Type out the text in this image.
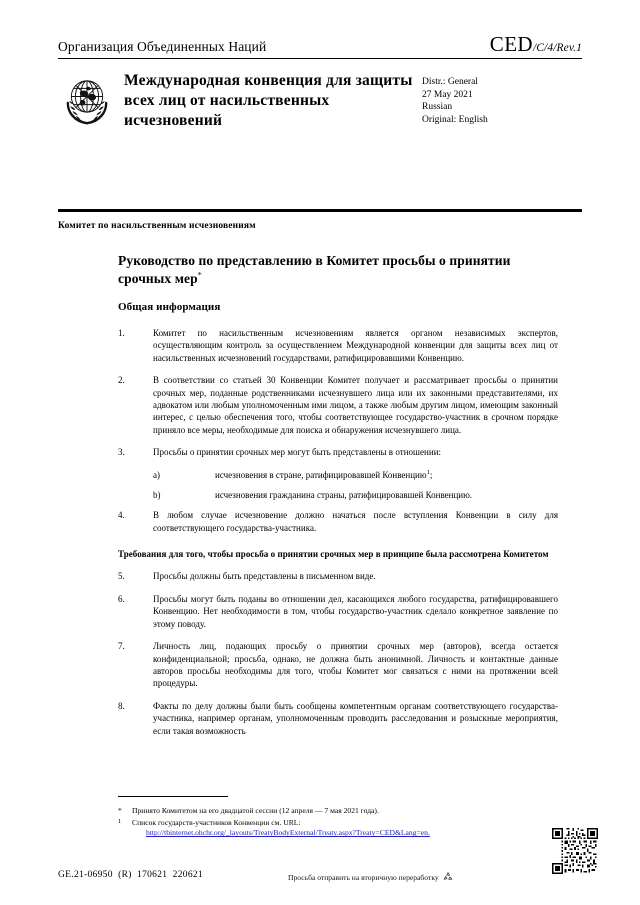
Организация Объединенных Наций	CED /C/4/Rev.1
Международная конвенция для защиты всех лиц от насильственных исчезновений
Distr.: General
27 May 2021
Russian
Original: English
Комитет по насильственным исчезновениям
Руководство по представлению в Комитет просьбы о принятии срочных мер*
Общая информация

1.	Комитет по насильственным исчезновениям является органом независимых экспертов, осуществляющим контроль за осуществлением Международной конвенции для защиты всех лиц от насильственных исчезновений государствами, ратифицировавшими Конвенцию.

2.	В соответствии со статьей 30 Конвенции Комитет получает и рассматривает просьбы о принятии срочных мер, поданные родственниками исчезнувшего лица или их законными представителями, их адвокатом или любым уполномоченным ими лицом, а также любым другим лицом, имеющим законный интерес, с целью обеспечения того, чтобы соответствующее государство-участник в срочном порядке приняло все меры, необходимые для поиска и обнаружения исчезнувшего лица.

3.	Просьбы о принятии срочных мер могут быть представлены в отношении:

a)	исчезновения в стране, ратифицировавшей Конвенцию$^1$;

b)	исчезновения гражданина страны, ратифицировавшей Конвенцию.

4.	В любом случае исчезновение должно начаться после вступления Конвенции в силу для соответствующего государства-участника.

Требования для того, чтобы просьба о принятии срочных мер в принципе была рассмотрена Комитетом

5.	Просьбы должны быть представлены в письменном виде.

6.	Просьбы могут быть поданы во отношении дел, касающихся любого государства, ратифицировавшего Конвенцию. Нет необходимости в том, чтобы государство-участник сделало конкретное заявление по этому поводу.

7.	Личность лиц, подающих просьбу о принятии срочных мер (авторов), всегда остается конфиденциальной; просьба, однако, не должна быть анонимной. Личность и контактные данные авторов просьбы необходимы для того, чтобы Комитет мог связаться с ними на протяжении всей процедуры.

8.	Факты по делу должны были быть сообщены компетентным органам соответствующего государства-участника, например органам, уполномоченным проводить расследования и розыскные мероприятия, если такая возможность

*	Принято Комитетом на его двадцатой сессии (12 апреля — 7 мая 2021 года).
1	Список государств-участников Конвенции см. URL: http://tbinternet.ohchr.org/_layouts/TreatyBodyExternal/Treaty.aspx?Treaty=CED&Lang=en.
GE.21-06950  (R)  170621  220621	Просьба отправить на вторичную переработку
